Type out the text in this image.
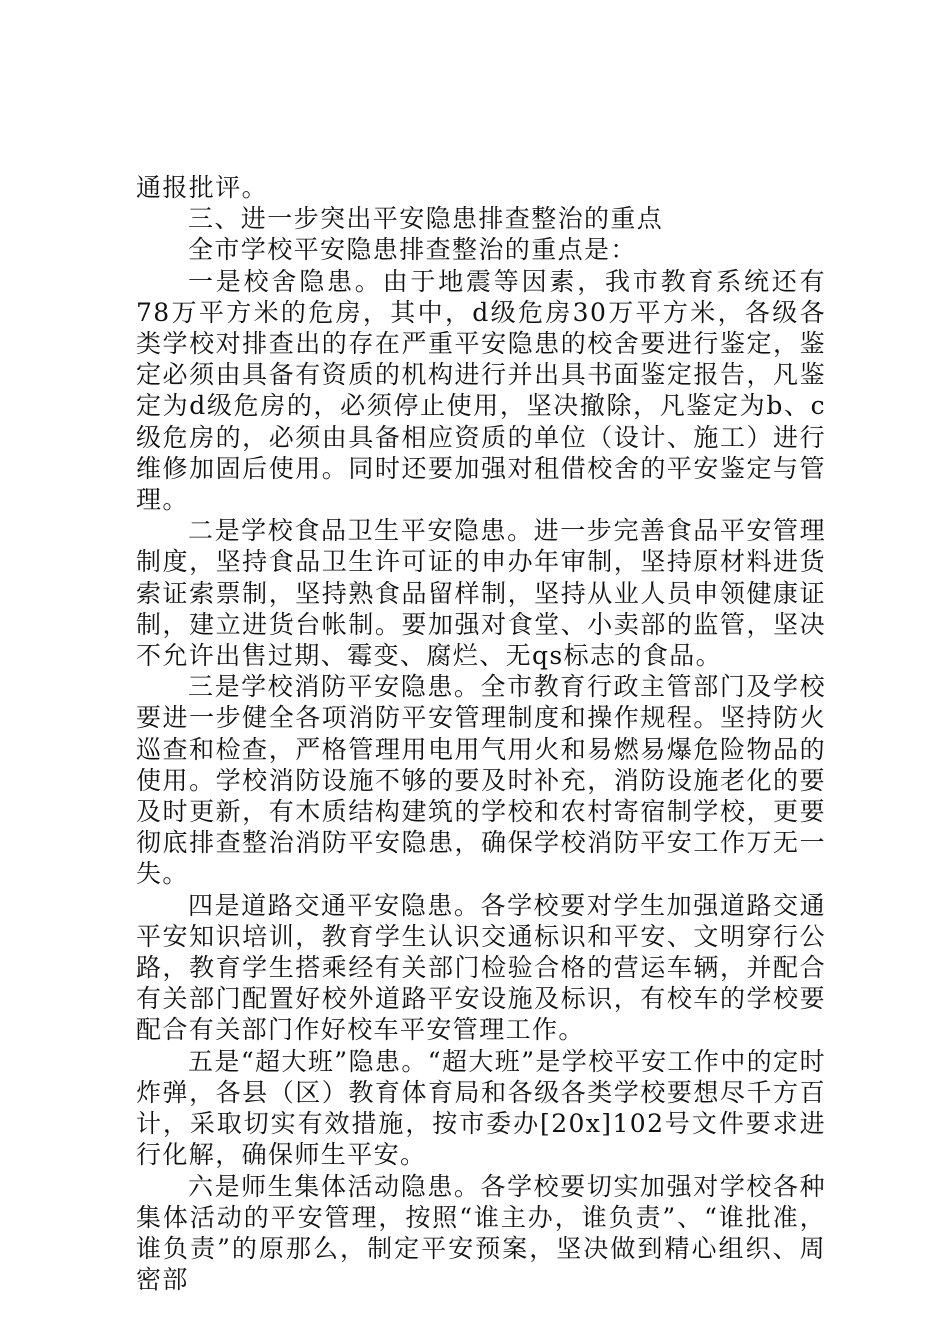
通报批评。

三、进一步突出平安隐患排查整治的重点

全市学校平安隐患排查整治的重点是：

一是校舍隐患。由于地震等因素，我市教育系统还有78万平方米的危房，其中，d级危房30万平方米，各级各类学校对排查出的存在严重平安隐患的校舍要进行鉴定，鉴定必须由具备有资质的机构进行并出具书面鉴定报告，凡鉴定为d级危房的，必须停止使用，坚决撤除，凡鉴定为b、c级危房的，必须由具备相应资质的单位（设计、施工）进行维修加固后使用。同时还要加强对租借校舍的平安鉴定与管理。

二是学校食品卫生平安隐患。进一步完善食品平安管理制度，坚持食品卫生许可证的申办年审制，坚持原材料进货索证索票制，坚持熟食品留样制，坚持从业人员申领健康证制，建立进货台帐制。要加强对食堂、小卖部的监管，坚决不允许出售过期、霉变、腐烂、无qs标志的食品。

三是学校消防平安隐患。全市教育行政主管部门及学校要进一步健全各项消防平安管理制度和操作规程。坚持防火巡查和检查，严格管理用电用气用火和易燃易爆危险物品的使用。学校消防设施不够的要及时补充，消防设施老化的要及时更新，有木质结构建筑的学校和农村寄宿制学校，更要彻底排查整治消防平安隐患，确保学校消防平安工作万无一失。

四是道路交通平安隐患。各学校要对学生加强道路交通平安知识培训，教育学生认识交通标识和平安、文明穿行公路，教育学生搭乘经有关部门检验合格的营运车辆，并配合有关部门配置好校外道路平安设施及标识，有校车的学校要配合有关部门作好校车平安管理工作。

五是“超大班”隐患。“超大班”是学校平安工作中的定时炸弹，各县（区）教育体育局和各级各类学校要想尽千方百计，采取切实有效措施，按市委办[20x]102号文件要求进行化解，确保师生平安。

六是师生集体活动隐患。各学校要切实加强对学校各种集体活动的平安管理，按照“谁主办，谁负责”、“谁批准，谁负责”的原那么，制定平安预案，坚决做到精心组织、周密部
